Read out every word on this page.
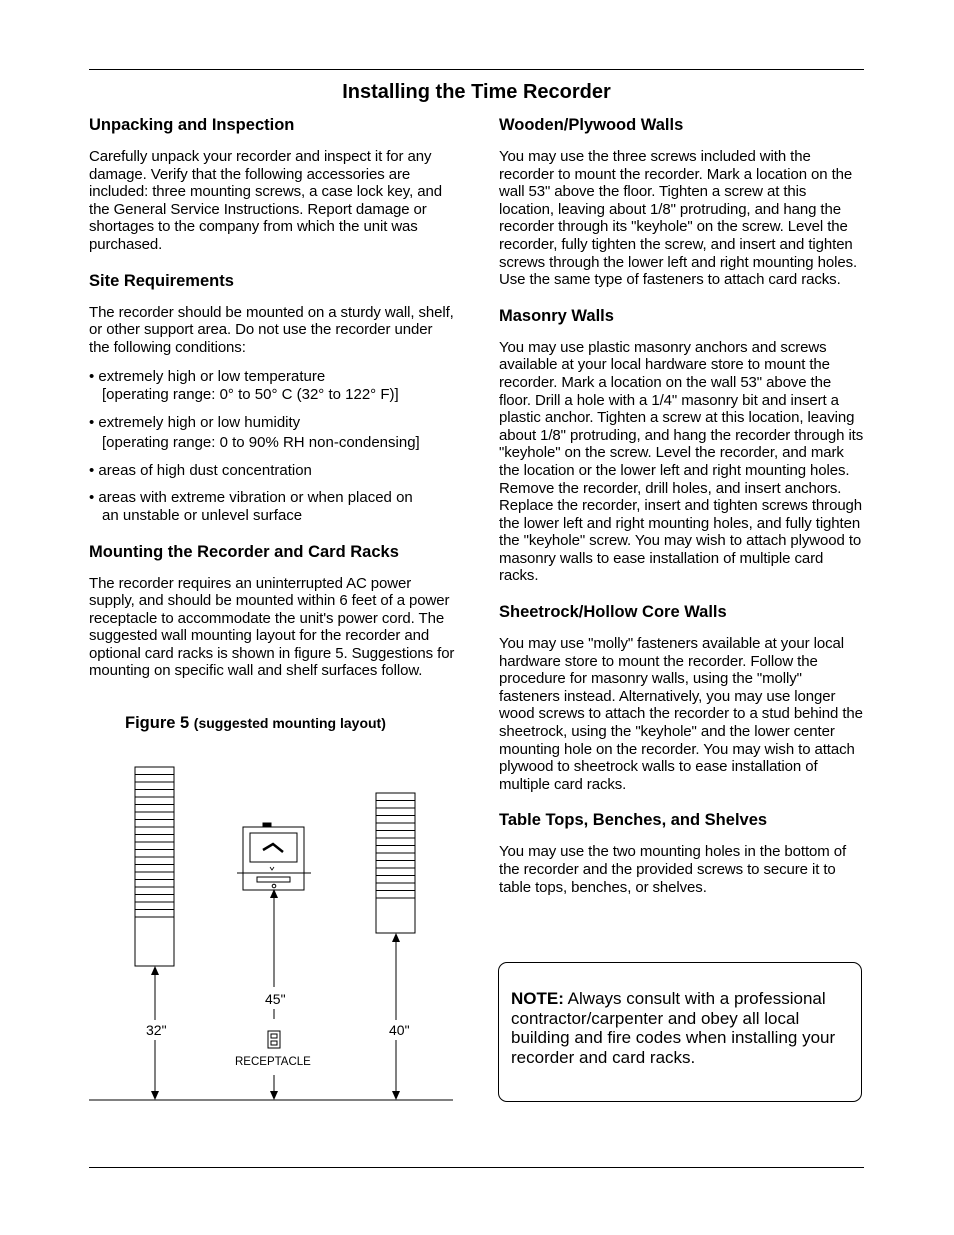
Installing the Time Recorder
Unpacking and Inspection

Carefully unpack your recorder and inspect it for any damage. Verify that the following accessories are included: three mounting screws, a case lock key, and the General Service Instructions. Report damage or shortages to the company from which the unit was purchased.

Site Requirements

The recorder should be mounted on a sturdy wall, shelf, or other support area. Do not use the recorder under the following conditions:

• extremely high or low temperature
[operating range: 0° to 50° C (32° to 122° F)]
• extremely high or low humidity
[operating range: 0 to 90% RH non-condensing]
• areas of high dust concentration
• areas with extreme vibration or when placed on
an unstable or unlevel surface
Mounting the Recorder and Card Racks

The recorder requires an uninterrupted AC power supply, and should be mounted within 6 feet of a power receptacle to accommodate the unit's power cord. The suggested wall mounting layout for the recorder and optional card racks is shown in figure 5. Suggestions for mounting on specific wall and shelf surfaces follow.

Figure 5 (suggested mounting layout)
32"
45"
40"
RECEPTACLE
Wooden/Plywood Walls

You may use the three screws included with the recorder to mount the recorder. Mark a location on the wall 53" above the floor. Tighten a screw at this location, leaving about 1/8" protruding, and hang the recorder through its "keyhole" on the screw. Level the recorder, fully tighten the screw, and insert and tighten screws through the lower left and right mounting holes. Use the same type of fasteners to attach card racks.

Masonry Walls

You may use plastic masonry anchors and screws available at your local hardware store to mount the recorder. Mark a location on the wall 53" above the floor. Drill a hole with a 1/4" masonry bit and insert a plastic anchor. Tighten a screw at this location, leaving about 1/8" protruding, and hang the recorder through its "keyhole" on the screw. Level the recorder, and mark the location or the lower left and right mounting holes. Remove the recorder, drill holes, and insert anchors. Replace the recorder, insert and tighten screws through the lower left and right mounting holes, and fully tighten the "keyhole" screw. You may wish to attach plywood to masonry walls to ease installation of multiple card racks.

Sheetrock/Hollow Core Walls

You may use "molly" fasteners available at your local hardware store to mount the recorder. Follow the procedure for masonry walls, using the "molly" fasteners instead. Alternatively, you may use longer wood screws to attach the recorder to a stud behind the sheetrock, using the "keyhole" and the lower center mounting hole on the recorder. You may wish to attach plywood to sheetrock walls to ease installation of multiple card racks.

Table Tops, Benches, and Shelves

You may use the two mounting holes in the bottom of the recorder and the provided screws to secure it to table tops, benches, or shelves.

NOTE: Always consult with a professional contractor/carpenter and obey all local building and fire codes when installing your recorder and card racks.
